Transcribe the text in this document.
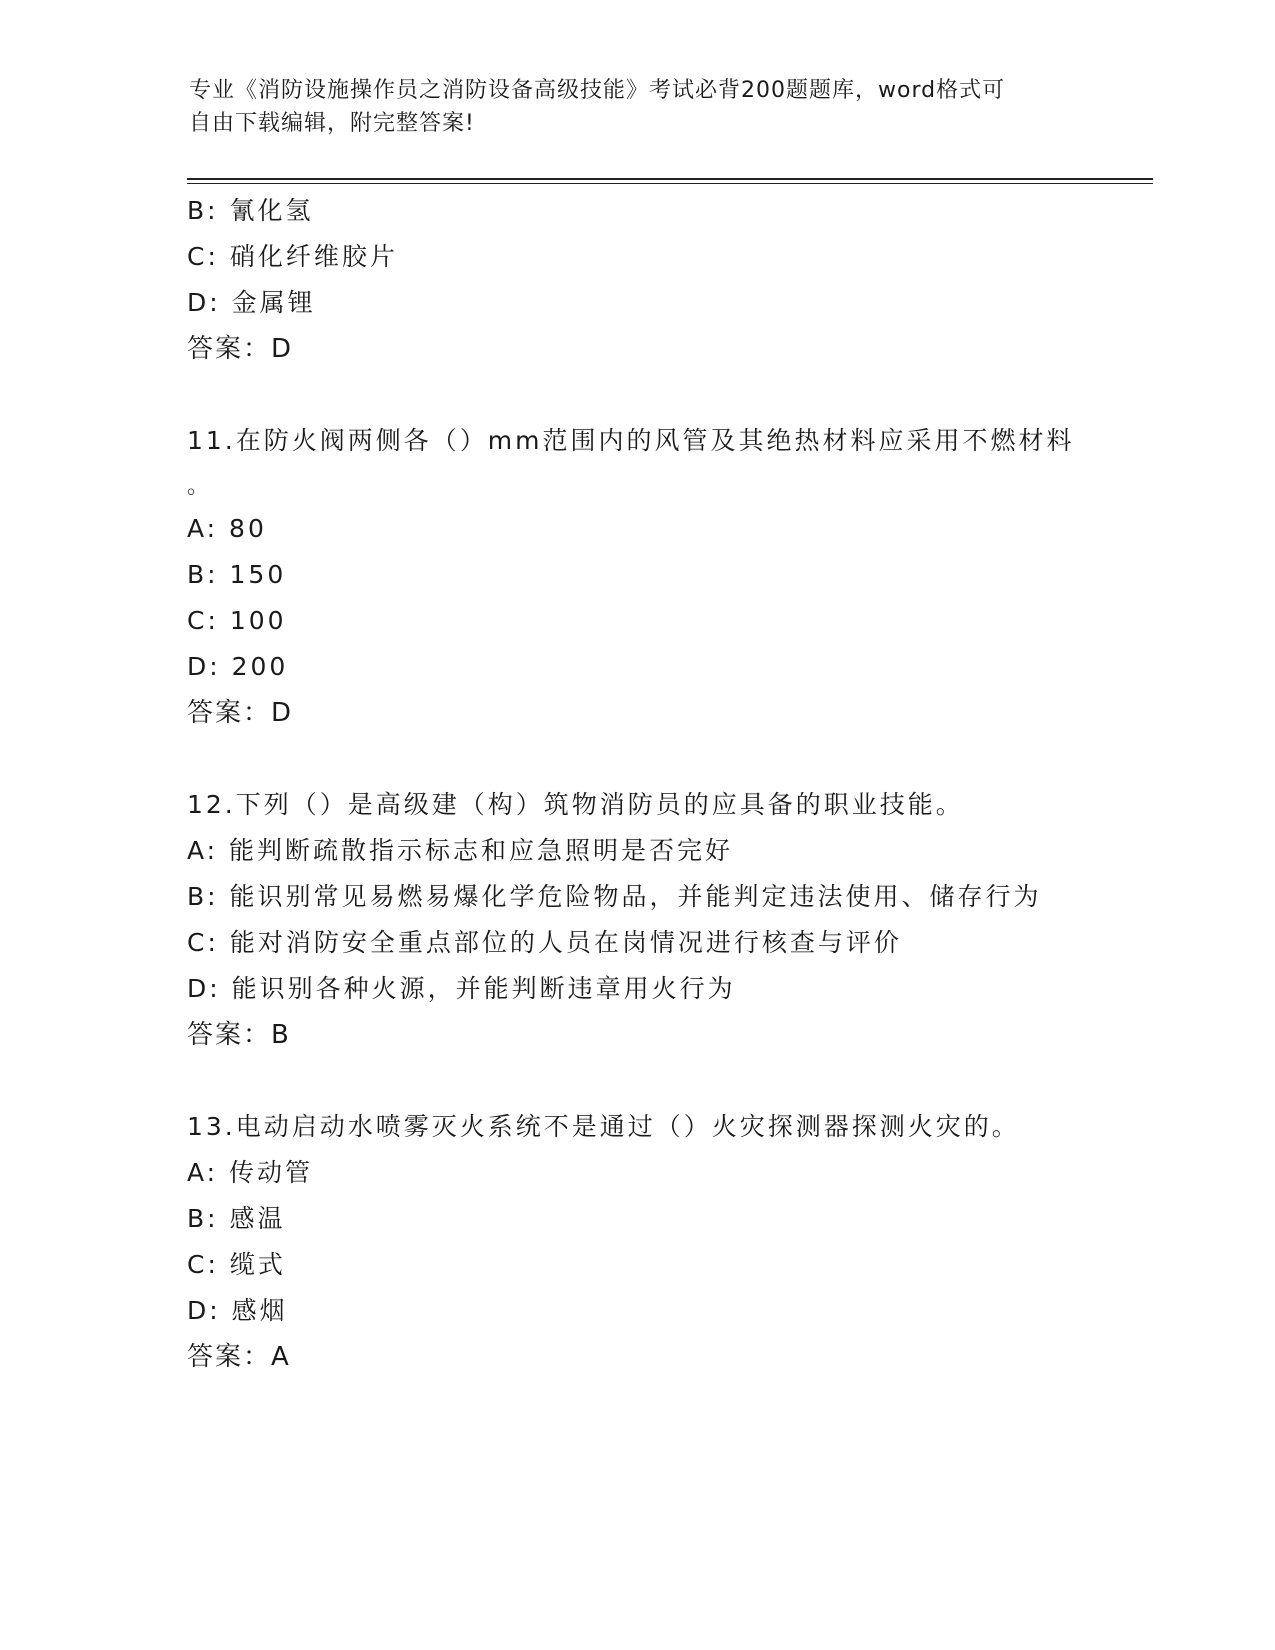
专业《消防设施操作员之消防设备高级技能》考试必背200题题库，word格式可
自由下载编辑，附完整答案!
B: 氰化氢
C: 硝化纤维胶片
D: 金属锂
答案：D
11.在防火阀两侧各（）mm范围内的风管及其绝热材料应采用不燃材料
。
A: 80
B: 150
C: 100
D: 200
答案：D
12.下列（）是高级建（构）筑物消防员的应具备的职业技能。
A: 能判断疏散指示标志和应急照明是否完好
B: 能识别常见易燃易爆化学危险物品，并能判定违法使用、储存行为
C: 能对消防安全重点部位的人员在岗情况进行核查与评价
D: 能识别各种火源，并能判断违章用火行为
答案：B
13.电动启动水喷雾灭火系统不是通过（）火灾探测器探测火灾的。
A: 传动管
B: 感温
C: 缆式
D: 感烟
答案：A
